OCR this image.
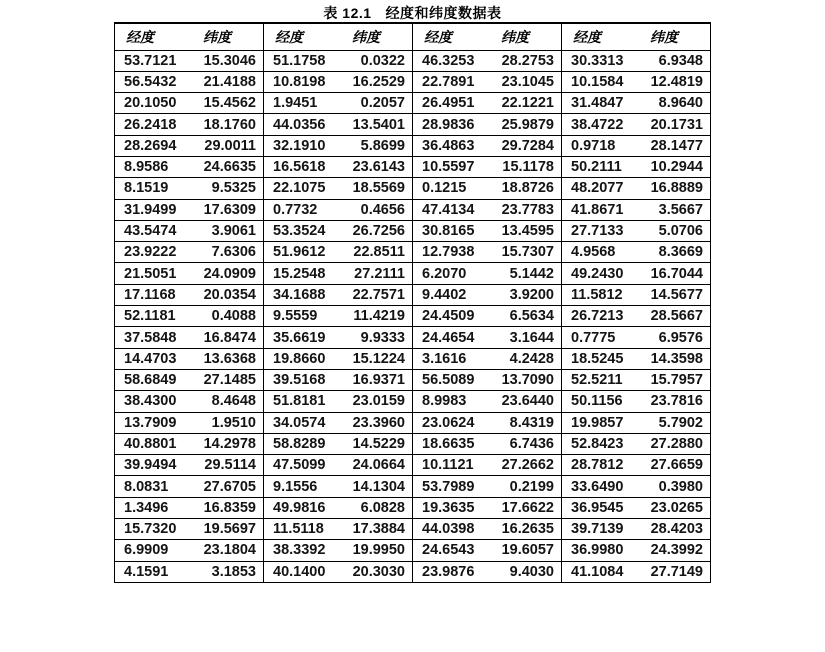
表 12.1 经度和纬度数据表
经度	纬度	经度	纬度	经度	纬度	经度	纬度
53.7121	15.3046	51.1758	0.0322	46.3253	28.2753	30.3313	6.9348
56.5432	21.4188	10.8198	16.2529	22.7891	23.1045	10.1584	12.4819
20.1050	15.4562	1.9451	0.2057	26.4951	22.1221	31.4847	8.9640
26.2418	18.1760	44.0356	13.5401	28.9836	25.9879	38.4722	20.1731
28.2694	29.0011	32.1910	5.8699	36.4863	29.7284	0.9718	28.1477
8.9586	24.6635	16.5618	23.6143	10.5597	15.1178	50.2111	10.2944
8.1519	9.5325	22.1075	18.5569	0.1215	18.8726	48.2077	16.8889
31.9499	17.6309	0.7732	0.4656	47.4134	23.7783	41.8671	3.5667
43.5474	3.9061	53.3524	26.7256	30.8165	13.4595	27.7133	5.0706
23.9222	7.6306	51.9612	22.8511	12.7938	15.7307	4.9568	8.3669
21.5051	24.0909	15.2548	27.2111	6.2070	5.1442	49.2430	16.7044
17.1168	20.0354	34.1688	22.7571	9.4402	3.9200	11.5812	14.5677
52.1181	0.4088	9.5559	11.4219	24.4509	6.5634	26.7213	28.5667
37.5848	16.8474	35.6619	9.9333	24.4654	3.1644	0.7775	6.9576
14.4703	13.6368	19.8660	15.1224	3.1616	4.2428	18.5245	14.3598
58.6849	27.1485	39.5168	16.9371	56.5089	13.7090	52.5211	15.7957
38.4300	8.4648	51.8181	23.0159	8.9983	23.6440	50.1156	23.7816
13.7909	1.9510	34.0574	23.3960	23.0624	8.4319	19.9857	5.7902
40.8801	14.2978	58.8289	14.5229	18.6635	6.7436	52.8423	27.2880
39.9494	29.5114	47.5099	24.0664	10.1121	27.2662	28.7812	27.6659
8.0831	27.6705	9.1556	14.1304	53.7989	0.2199	33.6490	0.3980
1.3496	16.8359	49.9816	6.0828	19.3635	17.6622	36.9545	23.0265
15.7320	19.5697	11.5118	17.3884	44.0398	16.2635	39.7139	28.4203
6.9909	23.1804	38.3392	19.9950	24.6543	19.6057	36.9980	24.3992
4.1591	3.1853	40.1400	20.3030	23.9876	9.4030	41.1084	27.7149
